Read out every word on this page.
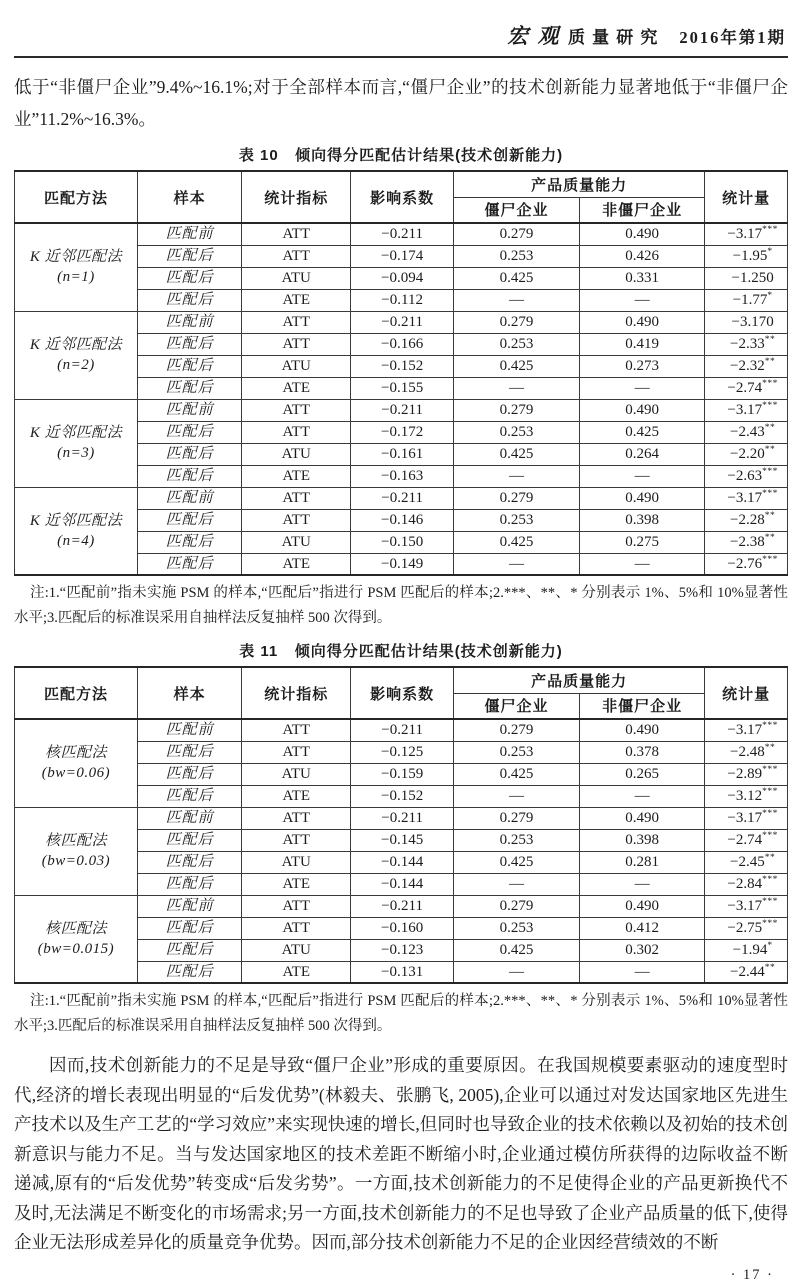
宏观质量研究 2016年第1期

低于“非僵尸企业”9.4%~16.1%;对于全部样本而言,“僵尸企业”的技术创新能力显著地低于“非僵尸企业”11.2%~16.3%。

表 10 倾向得分匹配估计结果(技术创新能力)
匹配方法	样本	统计指标	影响系数	产品质量能力		统计量
				僵尸企业	非僵尸企业	

K 近邻匹配法
(n=1)	匹配前	ATT	−0.211	0.279	0.490	−3.17***
	匹配后	ATT	−0.174	0.253	0.426	−1.95*
	匹配后	ATU	−0.094	0.425	0.331	−1.250
	匹配后	ATE	−0.112	—	—	−1.77*

K 近邻匹配法
(n=2)	匹配前	ATT	−0.211	0.279	0.490	−3.170
	匹配后	ATT	−0.166	0.253	0.419	−2.33**
	匹配后	ATU	−0.152	0.425	0.273	−2.32**
	匹配后	ATE	−0.155	—	—	−2.74***

K 近邻匹配法
(n=3)	匹配前	ATT	−0.211	0.279	0.490	−3.17***
	匹配后	ATT	−0.172	0.253	0.425	−2.43**
	匹配后	ATU	−0.161	0.425	0.264	−2.20**
	匹配后	ATE	−0.163	—	—	−2.63***

K 近邻匹配法
(n=4)	匹配前	ATT	−0.211	0.279	0.490	−3.17***
	匹配后	ATT	−0.146	0.253	0.398	−2.28**
	匹配后	ATU	−0.150	0.425	0.275	−2.38**
	匹配后	ATE	−0.149	—	—	−2.76***

注:1.“匹配前”指未实施 PSM 的样本,“匹配后”指进行 PSM 匹配后的样本;2.***、**、* 分别表示 1%、5%和 10%显著性水平;3.匹配后的标准误采用自抽样法反复抽样 500 次得到。

表 11 倾向得分匹配估计结果(技术创新能力)
匹配方法	样本	统计指标	影响系数	产品质量能力		统计量
				僵尸企业	非僵尸企业	

核匹配法
(bw=0.06)	匹配前	ATT	−0.211	0.279	0.490	−3.17***
	匹配后	ATT	−0.125	0.253	0.378	−2.48**
	匹配后	ATU	−0.159	0.425	0.265	−2.89***
	匹配后	ATE	−0.152	—	—	−3.12***

核匹配法
(bw=0.03)	匹配前	ATT	−0.211	0.279	0.490	−3.17***
	匹配后	ATT	−0.145	0.253	0.398	−2.74***
	匹配后	ATU	−0.144	0.425	0.281	−2.45**
	匹配后	ATE	−0.144	—	—	−2.84***

核匹配法
(bw=0.015)	匹配前	ATT	−0.211	0.279	0.490	−3.17***
	匹配后	ATT	−0.160	0.253	0.412	−2.75***
	匹配后	ATU	−0.123	0.425	0.302	−1.94*
	匹配后	ATE	−0.131	—	—	−2.44**

注:1.“匹配前”指未实施 PSM 的样本,“匹配后”指进行 PSM 匹配后的样本;2.***、**、* 分别表示 1%、5%和 10%显著性水平;3.匹配后的标准误采用自抽样法反复抽样 500 次得到。

因而,技术创新能力的不足是导致“僵尸企业”形成的重要原因。在我国规模要素驱动的速度型时代,经济的增长表现出明显的“后发优势”(林毅夫、张鹏飞, 2005),企业可以通过对发达国家地区先进生产技术以及生产工艺的“学习效应”来实现快速的增长,但同时也导致企业的技术依赖以及初始的技术创新意识与能力不足。当与发达国家地区的技术差距不断缩小时,企业通过模仿所获得的边际收益不断递减,原有的“后发优势”转变成“后发劣势”。一方面,技术创新能力的不足使得企业的产品更新换代不及时,无法满足不断变化的市场需求;另一方面,技术创新能力的不足也导致了企业产品质量的低下,使得企业无法形成差异化的质量竞争优势。因而,部分技术创新能力不足的企业因经营绩效的不断

· 17 ·
